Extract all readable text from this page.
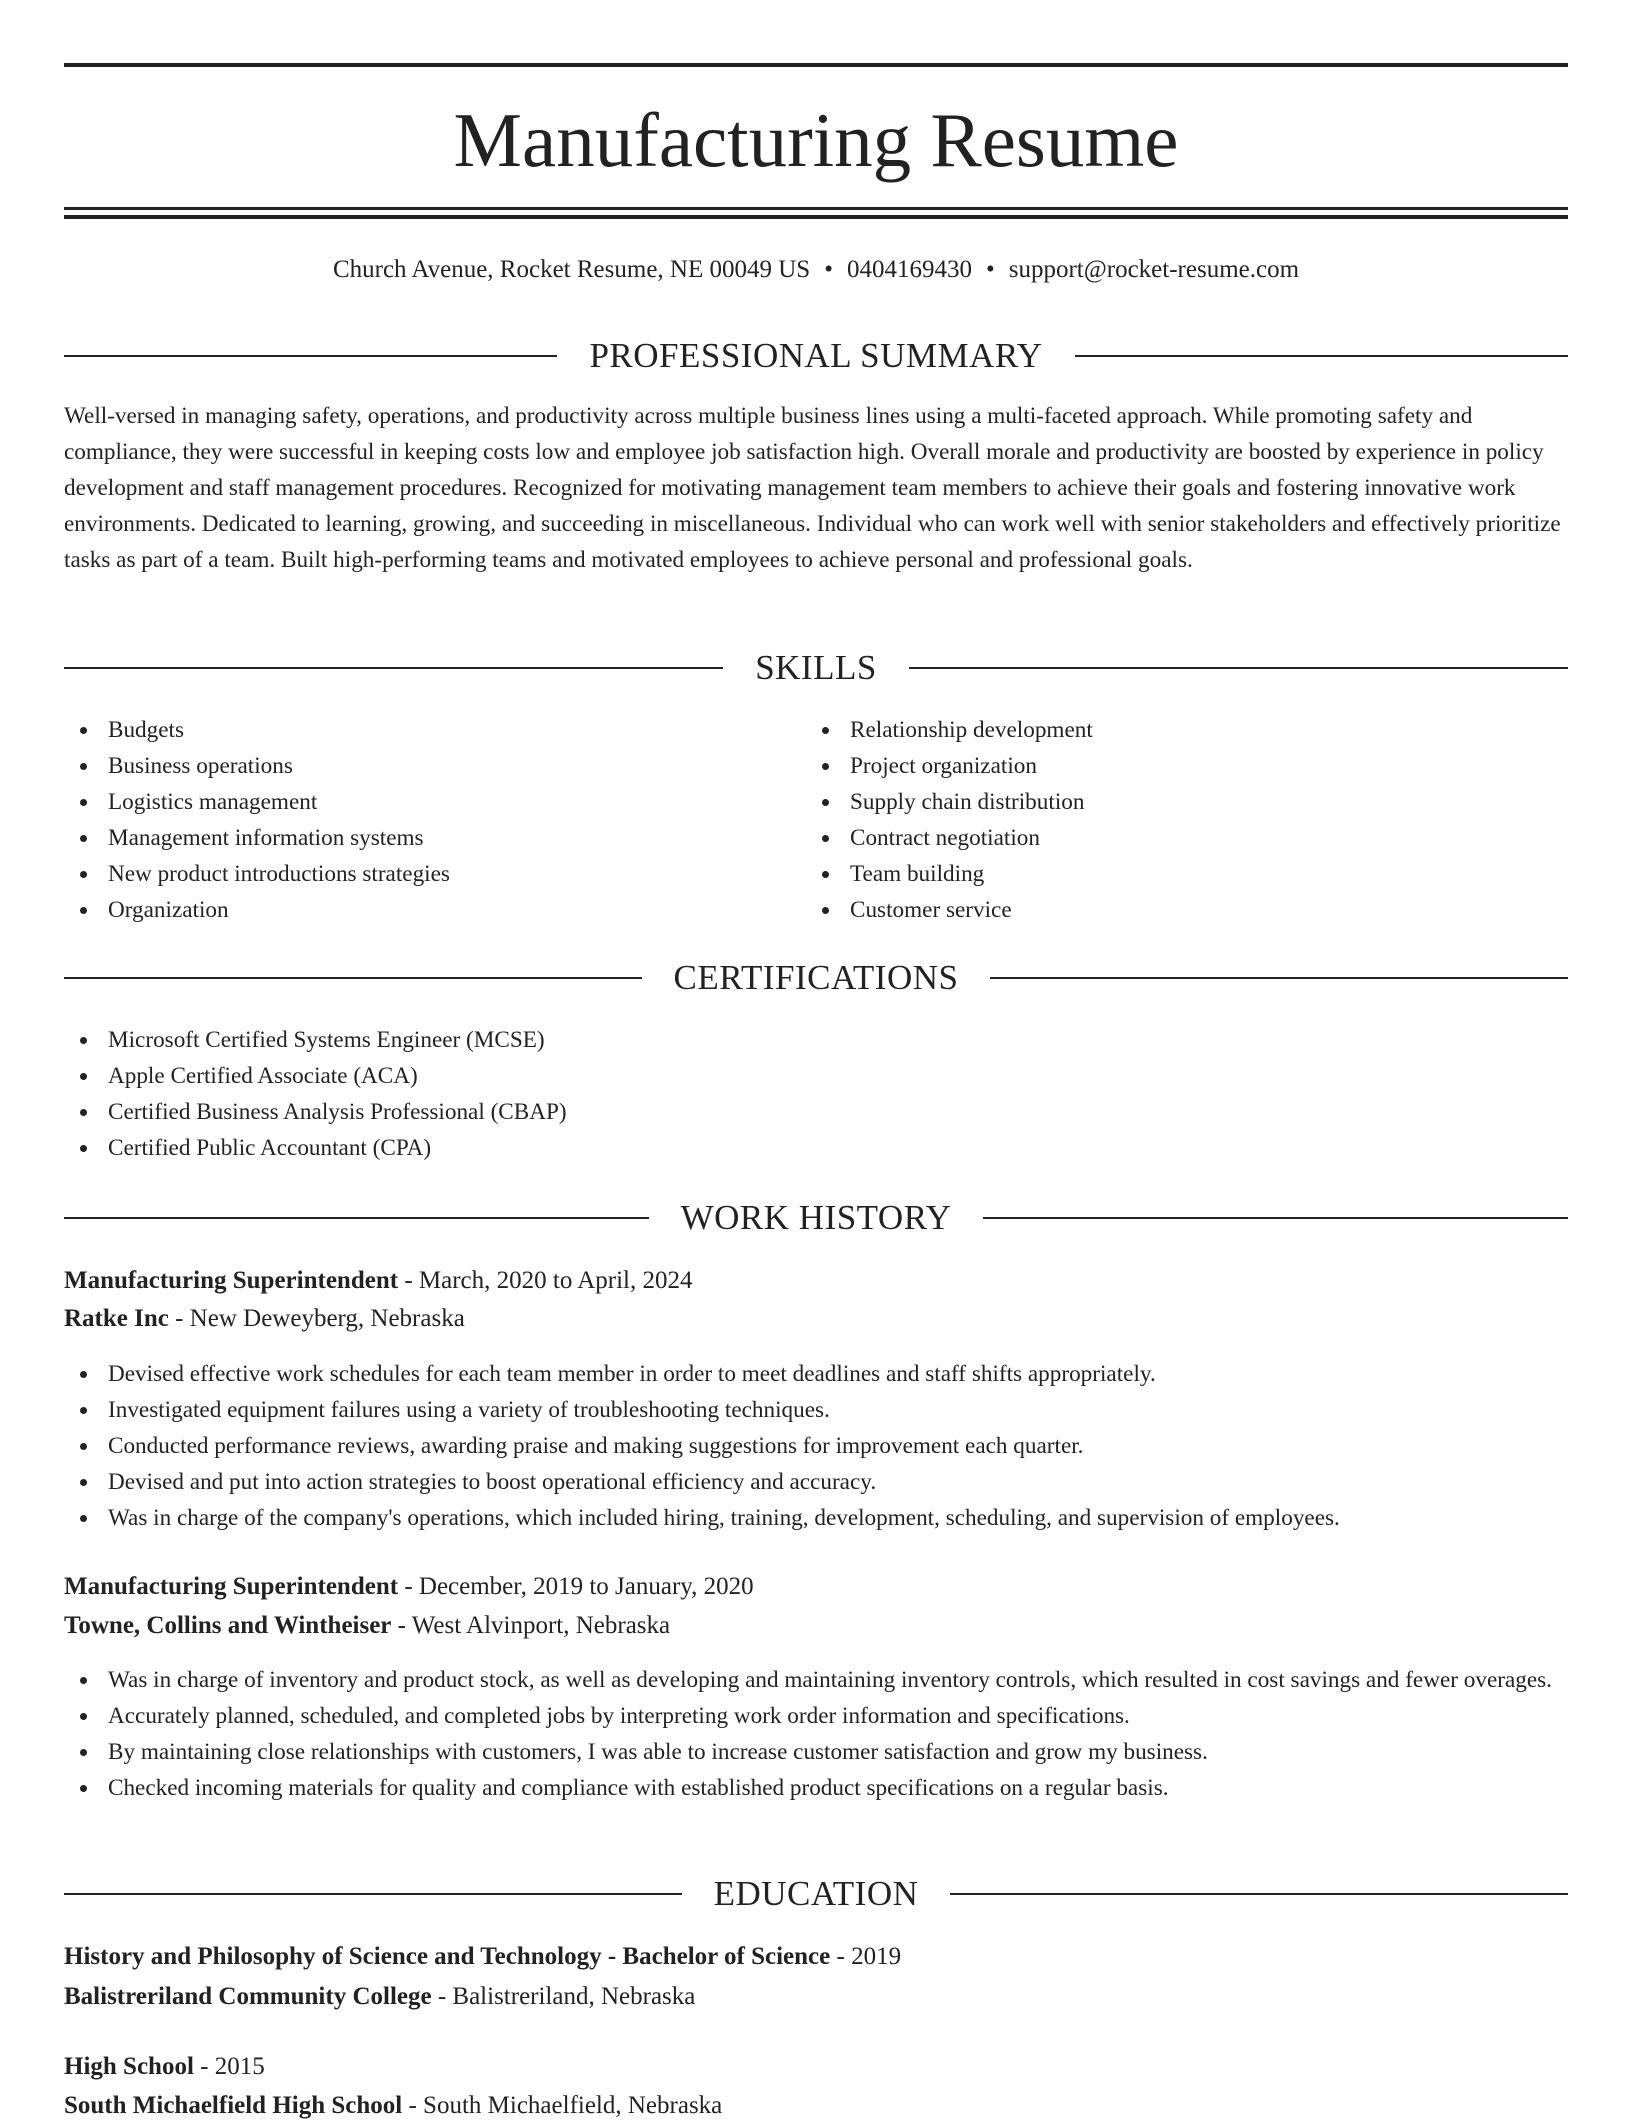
Manufacturing Resume
Church Avenue, Rocket Resume, NE 00049 US • 0404169430 • support@rocket-resume.com
PROFESSIONAL SUMMARY

Well-versed in managing safety, operations, and productivity across multiple business lines using a multi-faceted approach. While promoting safety and compliance, they were successful in keeping costs low and employee job satisfaction high. Overall morale and productivity are boosted by experience in policy development and staff management procedures. Recognized for motivating management team members to achieve their goals and fostering innovative work environments. Dedicated to learning, growing, and succeeding in miscellaneous. Individual who can work well with senior stakeholders and effectively prioritize tasks as part of a team. Built high-performing teams and motivated employees to achieve personal and professional goals.

SKILLS
Budgets
Business operations
Logistics management
Management information systems
New product introductions strategies
Organization
Relationship development
Project organization
Supply chain distribution
Contract negotiation
Team building
Customer service
CERTIFICATIONS
Microsoft Certified Systems Engineer (MCSE)
Apple Certified Associate (ACA)
Certified Business Analysis Professional (CBAP)
Certified Public Accountant (CPA)
WORK HISTORY
Manufacturing Superintendent - March, 2020 to April, 2024
Ratke Inc - New Deweyberg, Nebraska
Devised effective work schedules for each team member in order to meet deadlines and staff shifts appropriately.
Investigated equipment failures using a variety of troubleshooting techniques.
Conducted performance reviews, awarding praise and making suggestions for improvement each quarter.
Devised and put into action strategies to boost operational efficiency and accuracy.
Was in charge of the company's operations, which included hiring, training, development, scheduling, and supervision of employees.
Manufacturing Superintendent - December, 2019 to January, 2020
Towne, Collins and Wintheiser - West Alvinport, Nebraska
Was in charge of inventory and product stock, as well as developing and maintaining inventory controls, which resulted in cost savings and fewer overages.
Accurately planned, scheduled, and completed jobs by interpreting work order information and specifications.
By maintaining close relationships with customers, I was able to increase customer satisfaction and grow my business.
Checked incoming materials for quality and compliance with established product specifications on a regular basis.
EDUCATION
History and Philosophy of Science and Technology - Bachelor of Science - 2019
Balistreriland Community College - Balistreriland, Nebraska
High School - 2015
South Michaelfield High School - South Michaelfield, Nebraska
